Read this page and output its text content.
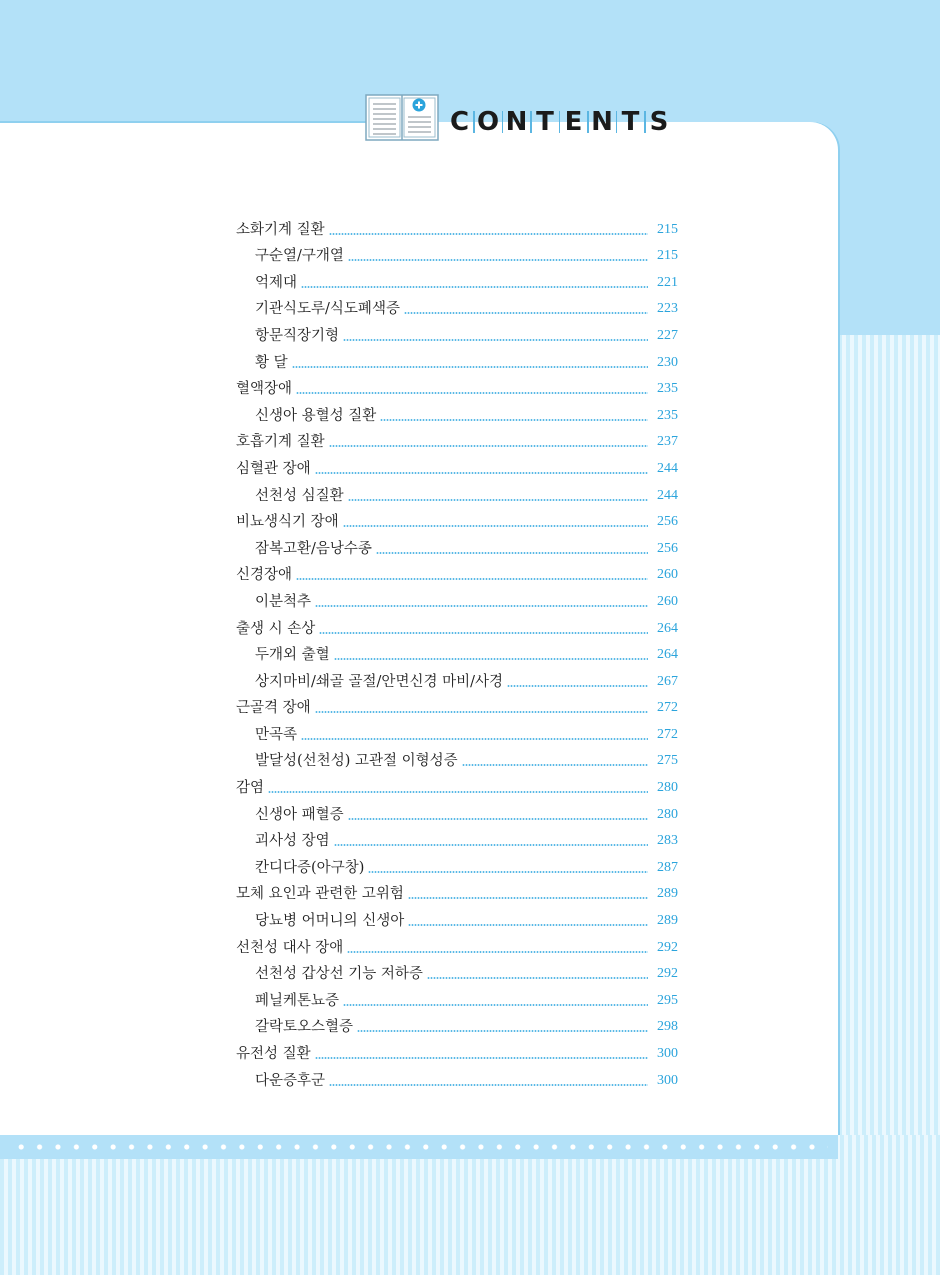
C O N T E N T S
소화기계 질환	215
구순열/구개열	215
억제대	221
기관식도루/식도폐색증	223
항문직장기형	227
황 달	230
혈액장애	235
신생아 용혈성 질환	235
호흡기계 질환	237
심혈관 장애	244
선천성 심질환	244
비뇨생식기 장애	256
잠복고환/음낭수종	256
신경장애	260
이분척추	260
출생 시 손상	264
두개외 출혈	264
상지마비/쇄골 골절/안면신경 마비/사경	267
근골격 장애	272
만곡족	272
발달성(선천성) 고관절 이형성증	275
감염	280
신생아 패혈증	280
괴사성 장염	283
칸디다증(아구창)	287
모체 요인과 관련한 고위험	289
당뇨병 어머니의 신생아	289
선천성 대사 장애	292
선천성 갑상선 기능 저하증	292
페닐케톤뇨증	295
갈락토오스혈증	298
유전성 질환	300
다운증후군	300
